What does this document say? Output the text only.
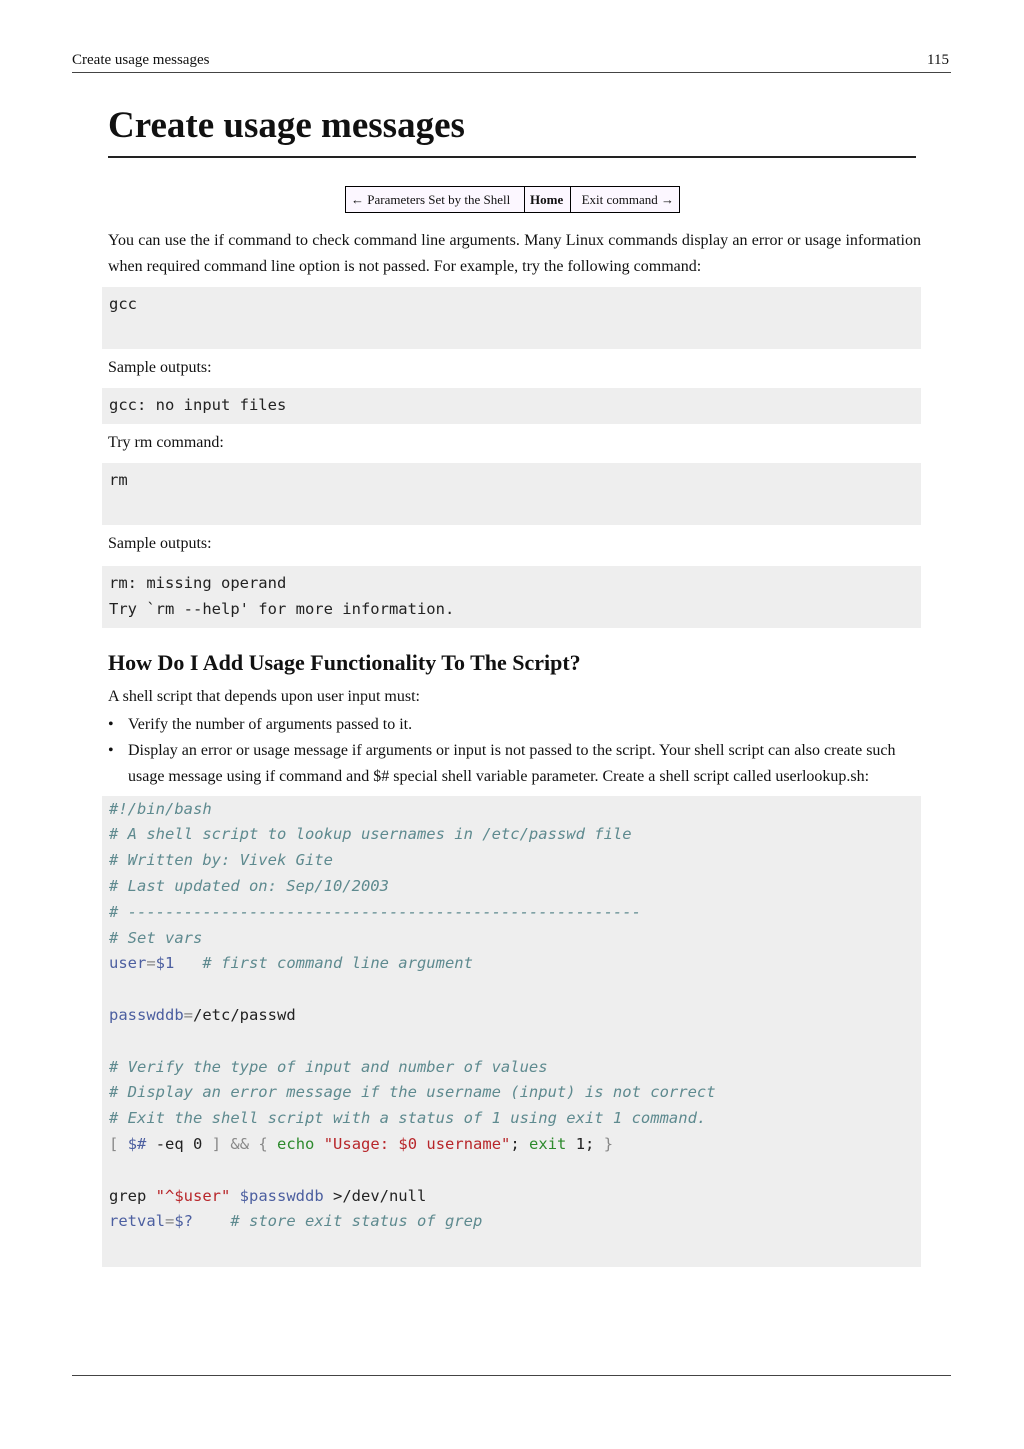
Create usage messages	115
Create usage messages
← Parameters Set by the Shell	Home	Exit command →

You can use the if command to check command line arguments. Many Linux commands display an error or usage information when required command line option is not passed. For example, try the following command:

gcc

Sample outputs:

gcc: no input files

Try rm command:

rm

Sample outputs:

rm: missing operand
Try `rm --help' for more information.
How Do I Add Usage Functionality To The Script?

A shell script that depends upon user input must:

• Verify the number of arguments passed to it.
• Display an error or usage message if arguments or input is not passed to the script. Your shell script can also create such usage message using if command and $# special shell variable parameter. Create a shell script called userlookup.sh:
#!/bin/bash
# A shell script to lookup usernames in /etc/passwd file
# Written by: Vivek Gite
# Last updated on: Sep/10/2003
# -------------------------------------------------------
# Set vars
user=$1 # first command line argument

passwddb=/etc/passwd

# Verify the type of input and number of values
# Display an error message if the username (input) is not correct
# Exit the shell script with a status of 1 using exit 1 command.
[ $# -eq 0 ] && { echo "Usage: $0 username"; exit 1; }

grep "^$user" $passwddb >/dev/null
retval=$? # store exit status of grep
